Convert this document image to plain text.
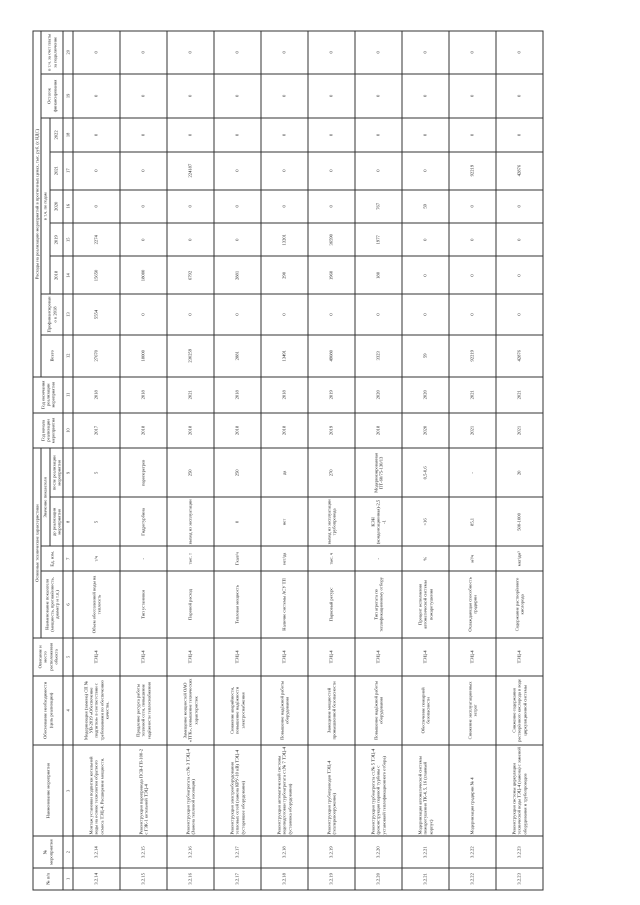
№ п/п	№ мероприятия	Наименование мероприятия	Обоснование необходимости (цель реализации)	Описание и место расположения объекта	Основные технические характеристики				Год начала реализации мероприятия	Год окончания реализации мероприятия	Расходы на реализацию мероприятий в прогнозных ценах, тыс. руб. (с НДС)								
					Наименование показателя (мощность, протяжённость, диаметр и т.п.)	Ед. изм.	Значение показателя				Всего	Профинансировано к 2018	в т.ч. по годам					Остаток финансирования	в т.ч. за счет платы за подключение
							до реализации мероприятия	после реализации мероприятия					2018	2019	2020	2021	2022		
1	2	3	4	5	6	7	8	9	10	11	12	13	14	15	16	17	18	19	20
3.2.14	3.2.14	Монтаж установки подпитки котельной воды на основе технологии обратного осмоса ТЭЦ-4. Расширение мощности.	Модернизация (замена) СП № УВ-2019 «Обеспечение подпитки» в соответствии с требованиями по обеспечению качества.	ТЭЦ-4	Объем обессоленной воды на теплосеть	т/ч	5	5	2017	2018	27670	5554	15650	2274	0	0	0	0	0
3.2.15	3.2.15	Реконструкция паропровода ПСВ-ГП-100-2 с ГЗК-1 котельной ТЭЦ-4	Продление ресурса работы тепловой сети, повышение надёжности теплоснабжения	ТЭЦ-4	Тип установки	-	Гидротурбина	пароперегрев	2018	2018	18000	0	18000	0	0	0	0	0	0
3.2.16	3.2.16	Реконструкция турбоагрегата ст.№ 3 ТЭЦ-4 (Замена тепловой изоляции)	Замещение мощностей ОАО «ТГК», повышение технических характеристик	ТЭЦ-4	Паровой расход	тыс. т	выход из эксплуатации	250	2018	2021	230259	0	6792	0	0	224187	0	0	0
3.2.17	3.2.17	Реконструкция электрооборудования тепловых сетей (замена КРУ-10 кВ) ТЭЦ-4 (устаревшее оборудование)	Снижение аварийности, повышение надёжности электроснабжения	ТЭЦ-4	Тепловая мощность	Гкал/ч	0	250	2018	2018	2881	0	2881	0	0	0	0	0	0
3.2.18	3.2.18	Реконструкция автоматической системы водоподготовки турбоагрегата ст.№ 7 ТЭЦ-4 (установка оборудования)	Повышение надёжной работы оборудования	ТЭЦ-4	Наличие системы АСУ ТП	нет/да	нет	да	2018	2018	13491	0	290	13201	0	0	0	0	0
3.2.19	3.2.19	Реконструкция трубопроводов ТЭЦ-4 (техперевооружение)	Замещение мощностей промышленной безопасности	ТЭЦ-4	Парковый ресурс	тыс. ч	выход из эксплуатации трубопровода	270	2019	2019	49080	0	1960	36590	0	0	0	0	0
3.2.20	3.2.20	Реконструкция турбоагрегата ст.№ 5 ТЭЦ-4 (реконструкция паровой турбины с установкой теплофикационного отбора)	Повышение надёжной работы оборудования	ТЭЦ-4	Тип агрегата по теплофикационному отбору	-	КЭН (конденсационная)-2,5-1	Модернизированная ПТ-60/75-130/13	2018	2020	3323	0	180	1977	767	0	0	0	0
3.2.21	3.2.21	Модернизация автоматической системы пожаротушения ТК-4, 5, 16 (главный корпус)	Обеспечение пожарной безопасности	ТЭЦ-4	Процент исполнения автоматической системы пожаротушения	%	>16	0,5-0,6	2020	2020	59	0	0	0	59	0	0	0	0
3.2.22	3.2.22	Модернизация градирни № 4	Снижение эксплуатационных затрат	ТЭЦ-4	Охлаждающая способность градирни	м³/ч	85,1	-	2021	2021	92219	0	0	0	0	92219	0	0	0
3.2.23	3.2.23	Реконструкция системы циркуляции технической воды ТЭЦ-4 (замена) с заменой оборудования и трубопроводов	Снижение содержания растворённого кислорода в воде циркуляционной системы	ТЭЦ-4	Содержание растворённого кислорода	мкг/дм³	500-1000	20	2021	2021	42876	0	0	0	0	42876	0	0	0
